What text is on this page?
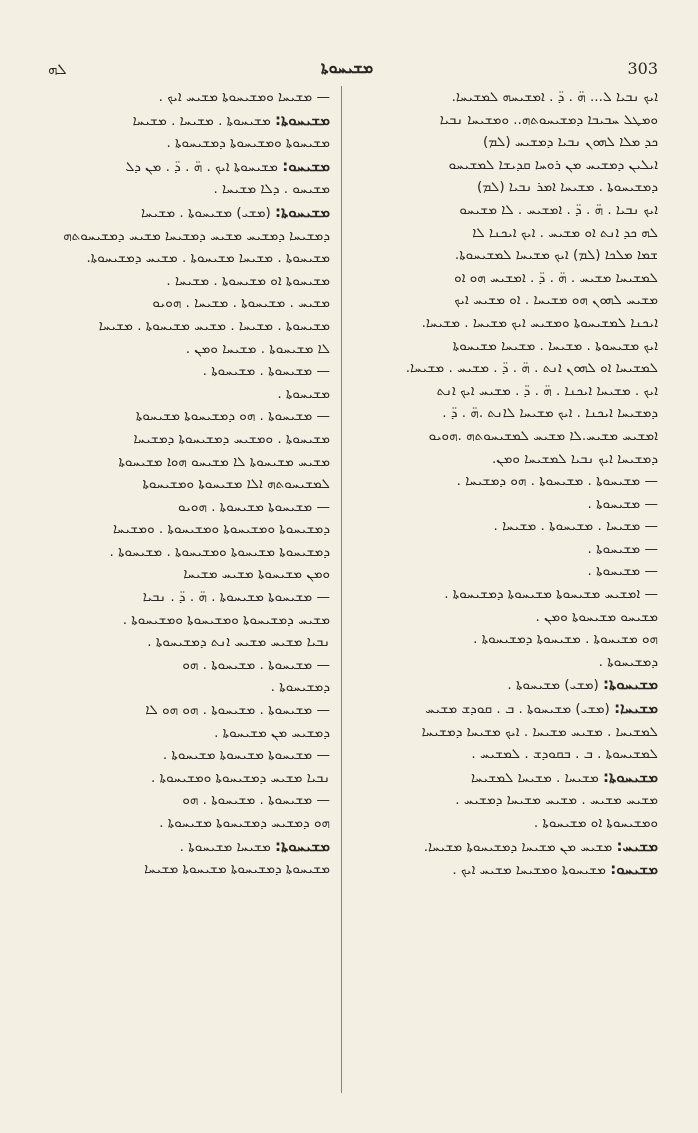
ܠܗ	ܡܫܝܚܘܬܐ	303

— ܡܫܝܚܐ ܘܡܫܝܚܘܬܐ ܡܫܝܚ ܐܝܟ .

ܡܫܝܚܘܬܐ: ܡܫܝܚܘܬܐ . ܡܫܝܚܐ . ܡܫܝܚܐ

ܡܫܝܚܘܬܐ ܘܡܫܝܚܘܬܐ ܕܡܫܝܚܘܬܐ .

ܡܫܝܚܘ: ܡܫܝܚܘܬܐ ܐܝܟ . ܗ̈ . ܕ̈ . ܡܢ ܕܠ

ܡܫܝܚܘ . ܕܠܐ ܡܫܝܚܐ .

ܡܫܝܚܘܬܐ: (ܡܫܝ) ܡܫܝܚܘܬܐ . ܡܫܝܚܐ

ܕܡܫܝܚܐ ܕܡܫܝܚ ܡܫܝܚ ܕܡܫܝܚܐ ܡܫܝܚ ܕܡܫܝܚܘܬܗ

ܡܫܝܚܘܬܐ . ܡܫܝܚܐ ܡܫܝܚܘܬܐ . ܡܫܝܚ ܕܡܫܝܚܘܬܐ.

ܡܫܝܚܘܬܐ ܐܘ ܡܫܝܚܘܬܐ . ܡܫܝܚܐ .

ܡܫܝܚ . ܡܫܝܚܘܬܐ . ܡܫܝܚܐ . ܗܘܝܘ

ܡܫܝܚܘܬܐ . ܡܫܝܚܐ . ܡܫܝܚ ܡܫܝܚܘܬܐ . ܡܫܝܚܐ

ܠܐ ܡܫܝܚܘܬܐ . ܡܫܝܚܐ ܘܡܢ .

— ܡܫܝܚܘܬܐ . ܡܫܝܚܘܬܐ .

ܡܫܝܚܘܬܐ .

— ܡܫܝܚܘܬܐ . ܗܘ ܕܡܫܝܚܘܬܐ ܡܫܝܚܘܬܐ

ܡܫܝܚܘܬܐ . ܘܡܫܝܚ ܕܡܫܝܚܘܬܐ ܕܡܫܝܚܐ

ܡܫܝܚ ܡܫܝܚܘܬܐ ܠܐ ܡܫܝܚܘ ܗܘܐ ܡܫܝܚܘܬܐ

ܠܡܫܝܚܘܬܗ ܐܠܐ ܡܫܝܚܘܬܐ ܘܡܫܝܚܘܬܐ

— ܡܫܝܚܘܬܐ ܡܫܝܚܘܬܐ . ܗܘܝܘ

ܕܡܫܝܚܘܬܐ ܘܡܫܝܚܘܬܐ ܘܡܫܝܚܘܬܐ . ܘܡܫܝܚܐ

ܕܡܫܝܚܘܬܐ ܡܫܝܚܘܬܐ ܘܡܫܝܚܘܬܐ . ܡܫܝܚܘܬܐ .

ܘܡܢ ܡܫܝܚܘܬܐ ܡܫܝܚ ܡܫܝܚܐ

— ܡܫܝܚܘܬܐ ܡܫܝܚܘܬܐ . ܗ̈ . ܕ̈ . ܢܒܝܐ

ܡܫܝܚ ܕܡܫܝܚܘܬܐ ܘܡܫܝܚܘܬܐ ܘܡܫܝܚܘܬܐ .

ܢܒܝܐ ܡܫܝܚ ܡܫܝܚ ܐܢܬ ܕܡܫܝܚܘܬܐ .

— ܡܫܝܚܘܬܐ . ܡܫܝܚܘܬܐ . ܗܘ

ܕܡܫܝܚܘܬܐ .

— ܡܫܝܚܘܬܐ . ܡܫܝܚܘܬܐ . ܗܘ ܗܘ ܠܐ

ܕܡܫܝܚ ܡܢ ܡܫܝܚܘܬܐ .

— ܡܫܝܚܘܬܐ ܡܫܝܚܘܬܐ ܡܫܝܚܘܬܐ .

ܢܒܝܐ ܡܫܝܚ ܕܡܫܝܚܘܬܐ ܘܡܫܝܚܘܬܐ .

— ܡܫܝܚܘܬܐ . ܡܫܝܚܘܬܐ . ܗܘ

ܗܘ ܕܡܫܝܚ ܕܡܫܝܚܘܬܐ ܡܫܝܚܘܬܐ .

ܡܫܝܚܘܬܐ: ܡܫܝܚܐ ܡܫܝܚܘܬܐ .

ܡܫܝܚܘܬܐ ܕܡܫܝܚܘܬܐ ܡܫܝܚܘܬܐ ܡܫܝܚܐ

ܐܝܟ ܢܒܝܐ ܠ... ܗ̈ . ܕ̈ . ܐܡܫܝܚܗ ܠܡܫܝܚܐ.

ܘܡܛܠ ܚܒܝܒܐ ܕܡܫܝܚܘܬܗ.. ܘܡܫܝܚܐ ܢܒܝܐ

ܟܕ ܡܠܐ ܠܗܘܢ ܢܒܝܐ ܕܡܫܝܚ (ܠܡ)

ܐܝܠܝܢ ܕܡܫܝܚ ܡܢ ܪܘܚܐ ܩܕܝܫܐ ܠܡܫܝܚܘ

ܕܡܫܝܚܘܬܐ . ܡܫܝܚܐ ܐܡܪ ܢܒܝܐ (ܠܡ)

ܐܝܟ ܢܒܝܐ . ܗ̈ . ܕ̈ . ܐܡܫܝܚ . ܠܐ ܡܫܝܚܘ

ܠܗ ܟܕ ܐܢܬ ܐܘ ܡܫܝܚ . ܐܝܟ ܐܝܟܢܐ ܠܐ

ܫܡܐ ܡܠܟܐ (ܠܡ) ܐܝܟ ܡܫܝܚܐ ܠܡܫܝܚܘܬܐ.

ܠܡܫܝܚܐ ܡܫܝܚ . ܗ̈ . ܕ̈ . ܐܡܫܝܚ ܗܘ ܐܘ

ܡܫܝܚ ܠܗܘܢ ܗܘ ܡܫܝܚܐ . ܐܘ ܡܫܝܚ ܐܝܟ

ܐܝܟܢܐ ܠܡܫܝܚܘܬܐ ܘܡܫܝܚ ܐܝܟ ܡܫܝܚܐ . ܡܫܝܚܐ.

ܐܝܟ ܡܫܝܚܘܬܐ . ܡܫܝܚܐ . ܡܫܝܚܐ ܡܫܝܚܘܬܐ

ܠܡܫܝܚܐ ܐܘ ܠܗܘܢ ܐܢܬ . ܗ̈ . ܕ̈ . ܡܫܝܚ . ܡܫܝܚܐ.

ܐܝܟ . ܡܫܝܚܐ ܐܝܟܢܐ . ܗ̈ . ܕ̈ . ܡܫܝܚ ܐܝܟ ܐܢܬ

ܕܡܫܝܚܐ ܐܝܟܢܐ . ܐܝܟ ܡܫܝܚܐ ܠܐܢܬ .ܗ̈ . ܕ̈ .

ܐܡܫܝܚ ܡܫܝܚ.ܠܐ ܡܫܝܚ ܠܡܫܝܚܘܬܗ .ܗܘܝܘ

ܕܡܫܝܚܐ ܐܝܟ ܢܒܝܐ ܠܡܫܝܚܐ ܘܡܢ.

— ܡܫܝܚܘܬܐ . ܡܫܝܚܘܬܐ . ܗܘ ܕܡܫܝܚܐ .

— ܡܫܝܚܘܬܐ .

— ܡܫܝܚܐ . ܡܫܝܚܘܬܐ . ܡܫܝܚܐ .

— ܡܫܝܚܘܬܐ .

— ܡܫܝܚܘܬܐ .

— ܐܡܫܝܚ ܡܫܝܚܘܬܐ ܡܫܝܚܘܬܐ ܕܡܫܝܚܘܬܐ .

ܡܫܝܚܘ ܡܫܝܚܘܬܐ ܘܡܢ .

ܗܘ ܡܫܝܚܘܬܐ . ܡܫܝܚܘܬܐ ܕܡܫܝܚܘܬܐ .

ܕܡܫܝܚܘܬܐ .

ܡܫܝܚܘܬܐ: (ܡܫܝ) ܡܫܝܚܘܬܐ .

ܡܫܝܚܐ: (ܡܫܝ) ܡܫܝܚܘܬܐ . ܒ . ܩܘܕܫ ܡܫܝܚ

ܠܡܫܝܚܐ . ܡܫܝܚ ܡܫܝܚܐ . ܐܝܟ ܡܫܝܚܐ ܕܡܫܝܚܐ

ܠܡܫܝܚܘܬܐ . ܒ . ܒܩܘܕܫ . ܠܡܫܝܚ .

ܡܫܝܚܘܬܐ: ܡܫܝܚܐ . ܡܫܝܚܐ ܠܡܫܝܚܐ

ܡܫܝܚ ܡܫܝܚ . ܡܫܝܚ ܡܫܝܚܐ ܕܡܫܝܚ .

ܘܡܫܝܚܘܬܐ ܐܘ ܡܫܝܚܘܬܐ .

ܡܫܝܚ: ܡܫܝܚ ܡܢ ܡܫܝܚܐ ܕܡܫܝܚܘܬܐ ܡܫܝܚܐ.

ܡܫܝܚܘ: ܡܫܝܚܘܬܐ ܘܡܫܝܚܐ ܡܫܝܚ ܐܝܟ .
